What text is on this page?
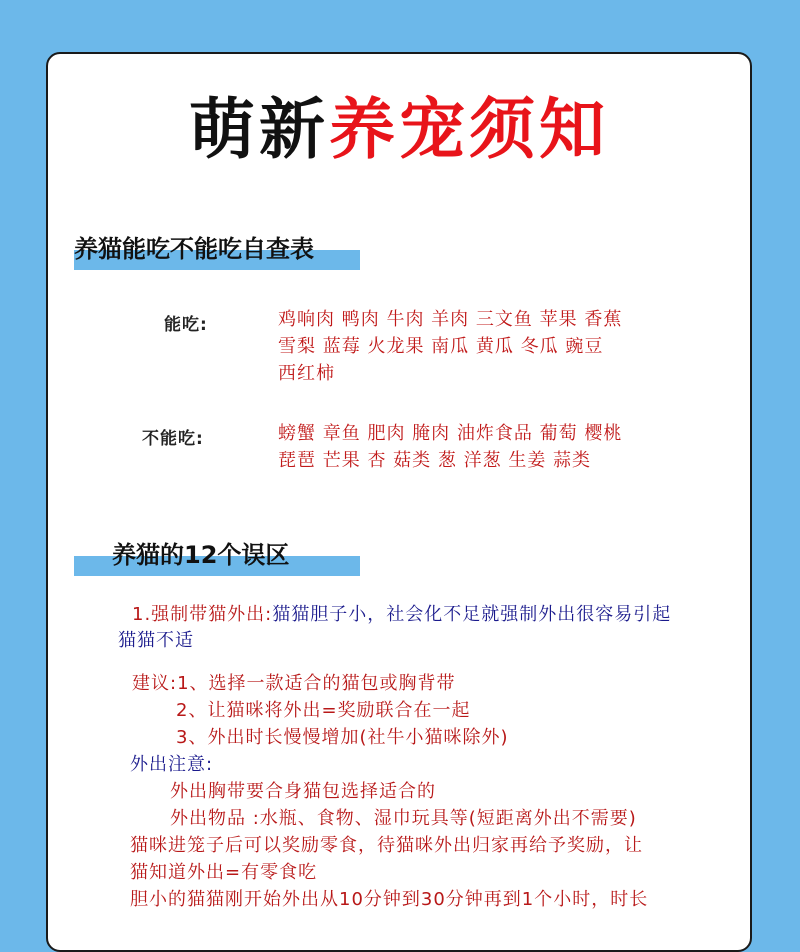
萌新养宠须知
养猫能吃不能吃自查表
能吃:	鸡响肉 鸭肉 牛肉 羊肉 三文鱼 苹果 香蕉
雪梨 蓝莓 火龙果 南瓜 黄瓜 冬瓜 豌豆
西红柿
不能吃:	螃蟹 章鱼 肥肉 腌肉 油炸食品 葡萄 樱桃
琵琶 芒果 杏 菇类 葱 洋葱 生姜 蒜类
养猫的12个误区
1.强制带猫外出:猫猫胆子小，社会化不足就强制外出很容易引起
猫猫不适
建议:1、选择一款适合的猫包或胸背带
2、让猫咪将外出=奖励联合在一起
3、外出时长慢慢增加(社牛小猫咪除外)
外出注意:
外出胸带要合身猫包选择适合的
外出物品 :水瓶、食物、湿巾玩具等(短距离外出不需要)
猫咪进笼子后可以奖励零食，待猫咪外出归家再给予奖励，让
猫知道外出=有零食吃
胆小的猫猫刚开始外出从10分钟到30分钟再到1个小时，时长
